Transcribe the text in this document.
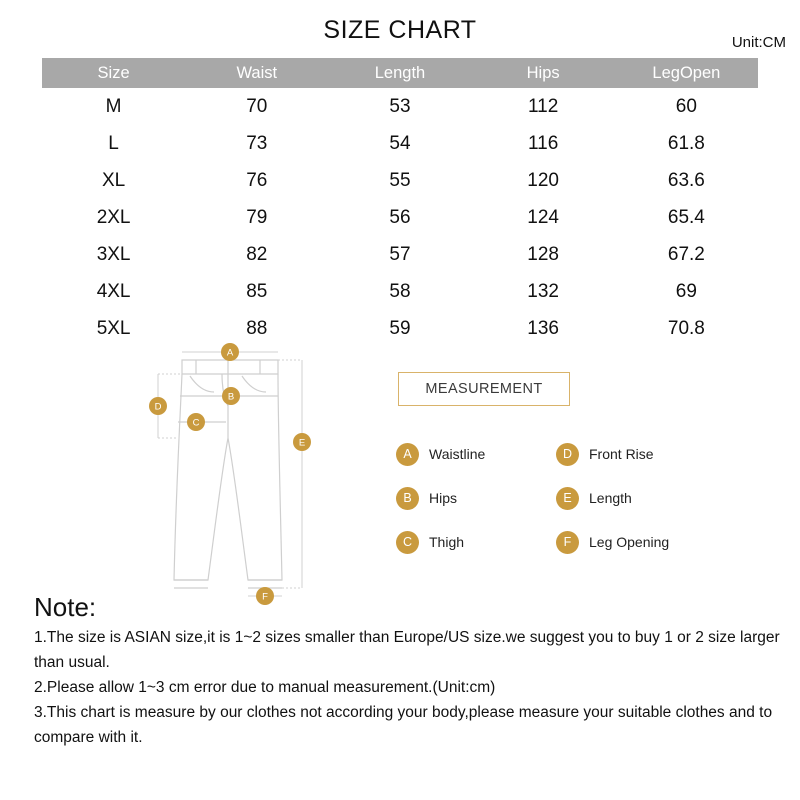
SIZE CHART	Unit:CM
Size	Waist	Length	Hips	LegOpen
M	70	53	112	60
L	73	54	116	61.8
XL	76	55	120	63.6
2XL	79	56	124	65.4
3XL	82	57	128	67.2
4XL	85	58	132	69
5XL	88	59	136	70.8
A
B
C
D
E
F
MEASUREMENT
A	Waistline	D	Front Rise
B	Hips	E	Length
C	Thigh	F	Leg Opening
Note:
1.The size is ASIAN size,it is 1~2 sizes smaller than Europe/US size.we suggest you to buy 1 or 2 size larger than usual.
2.Please allow 1~3 cm error due to manual measurement.(Unit:cm)
3.This chart is measure by our clothes not according your body,please measure your suitable clothes and to compare with it.
